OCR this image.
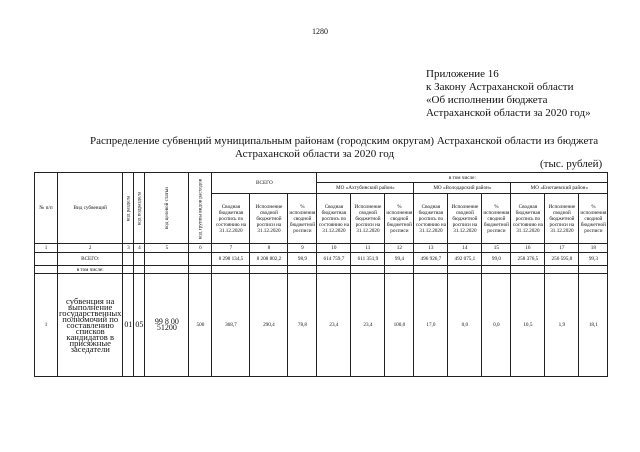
1280
Приложение 16
к Закону Астраханской области
«Об исполнении бюджета
Астраханской области за 2020 год»
Распределение субвенций муниципальным районам (городским округам) Астраханской области из бюджета
Астраханской области за 2020 год
(тыс. рублей)
№ п/п	Вид субвенций	код раздела	код подраздела	код целевой статьи	код группы видов расходов	ВСЕГО			в том числе:								
									МО «Ахтубинский район»			МО «Володарский район»			МО «Енотаевский район»		
						Сводная бюджетная роспись по состоянию на 31.12.2020	Исполнение сводной бюджетной росписи на 31.12.2020	% исполнения сводной бюджетной росписи	Сводная бюджетная роспись по состоянию на 31.12.2020	Исполнение сводной бюджетной росписи на 31.12.2020	% исполнения сводной бюджетной росписи	Сводная бюджетная роспись по состоянию на 31.12.2020	Исполнение сводной бюджетной росписи на 31.12.2020	% исполнения сводной бюджетной росписи	Сводная бюджетная роспись по состоянию на 31.12.2020	Исполнение сводной бюджетной росписи на 31.12.2020	% исполнения сводной бюджетной росписи
1	2	3	4	5	6	7	8	9	10	11	12	13	14	15	16	17	18
	ВСЕГО:					8 298 134,5	8 208 802,2	98,9	614 759,7	611 351,9	99,4	496 926,7	492 075,1	99,0	258 376,5	256 595,8	99,3
	в том числе:																
1	субвенция на выполнение государственных полномочий по составлению списков кандидатов в присяжные заседатели	01	05	99 8 00 51200	500	368,7	290,4	78,8	23,4	23,4	100,0	17,0	0,0	0,0	10,5	1,9	18,1
